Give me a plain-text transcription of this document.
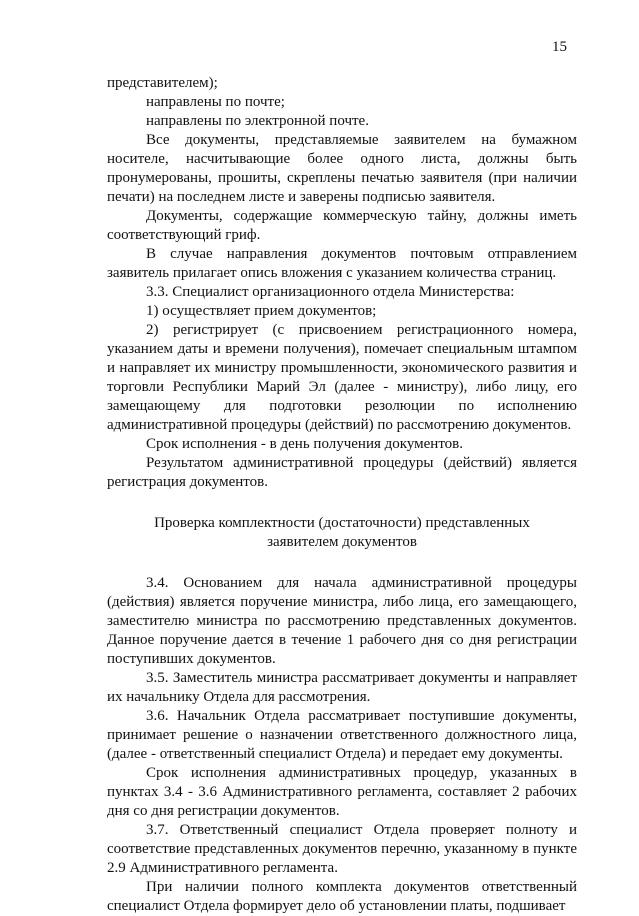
15

представителем);

направлены по почте;

направлены по электронной почте.

Все документы, представляемые заявителем на бумажном носителе, насчитывающие более одного листа, должны быть пронумерованы, прошиты, скреплены печатью заявителя (при наличии печати) на последнем листе и заверены подписью заявителя.

Документы, содержащие коммерческую тайну, должны иметь соответствующий гриф.

В случае направления документов почтовым отправлением заявитель прилагает опись вложения с указанием количества страниц.

3.3. Специалист организационного отдела Министерства:

1) осуществляет прием документов;

2) регистрирует (с присвоением регистрационного номера, указанием даты и времени получения), помечает специальным штампом и направляет их министру промышленности, экономического развития и торговли Республики Марий Эл (далее - министру), либо лицу, его замещающему для подготовки резолюции по исполнению административной процедуры (действий) по рассмотрению документов.

Срок исполнения - в день получения документов.

Результатом административной процедуры (действий) является регистрация документов.

Проверка комплектности (достаточности) представленных
заявителем документов

3.4. Основанием для начала административной процедуры (действия) является поручение министра, либо лица, его замещающего, заместителю министра по рассмотрению представленных документов. Данное поручение дается в течение 1 рабочего дня со дня регистрации поступивших документов.

3.5. Заместитель министра рассматривает документы и направляет их начальнику Отдела для рассмотрения.

3.6. Начальник Отдела рассматривает поступившие документы, принимает решение о назначении ответственного должностного лица, (далее - ответственный специалист Отдела) и передает ему документы.

Срок исполнения административных процедур, указанных в пунктах 3.4 - 3.6 Административного регламента, составляет 2 рабочих дня со дня регистрации документов.

3.7. Ответственный специалист Отдела проверяет полноту и соответствие представленных документов перечню, указанному в пункте 2.9 Административного регламента.

При наличии полного комплекта документов ответственный специалист Отдела формирует дело об установлении платы, подшивает
